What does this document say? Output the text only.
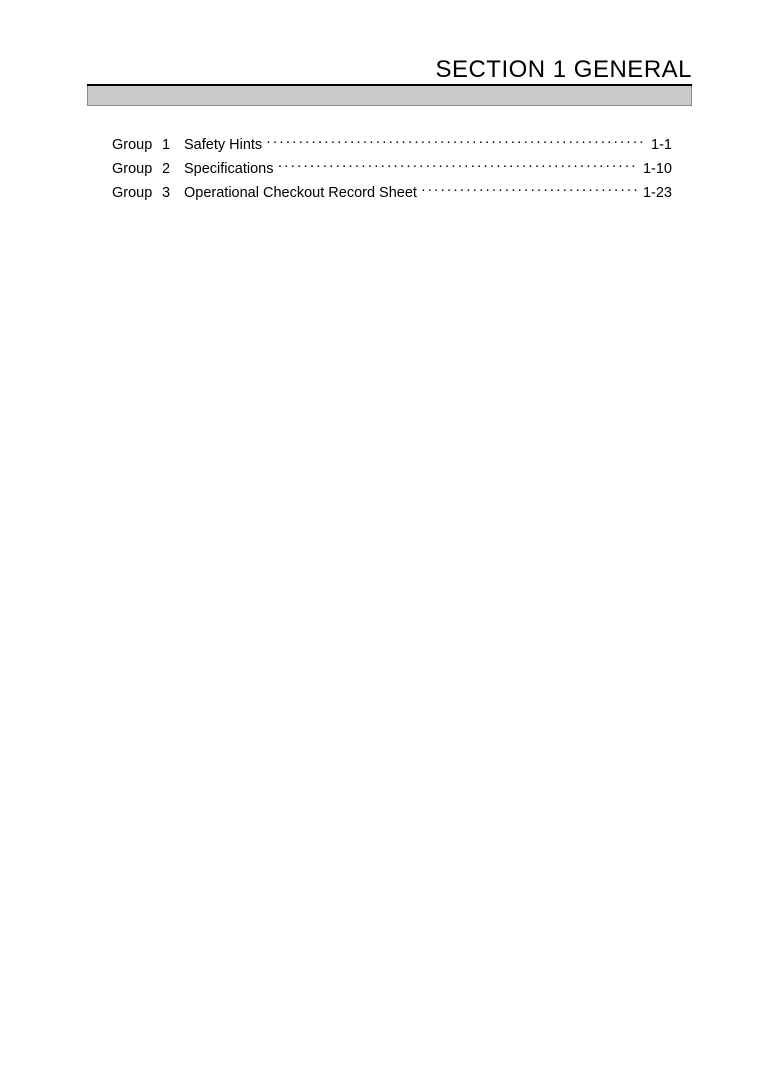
SECTION 1 GENERAL
Group 1 Safety Hints ·····	1-1
Group 2 Specifications ·····	1-10
Group 3 Operational Checkout Record Sheet ·····	1-23
